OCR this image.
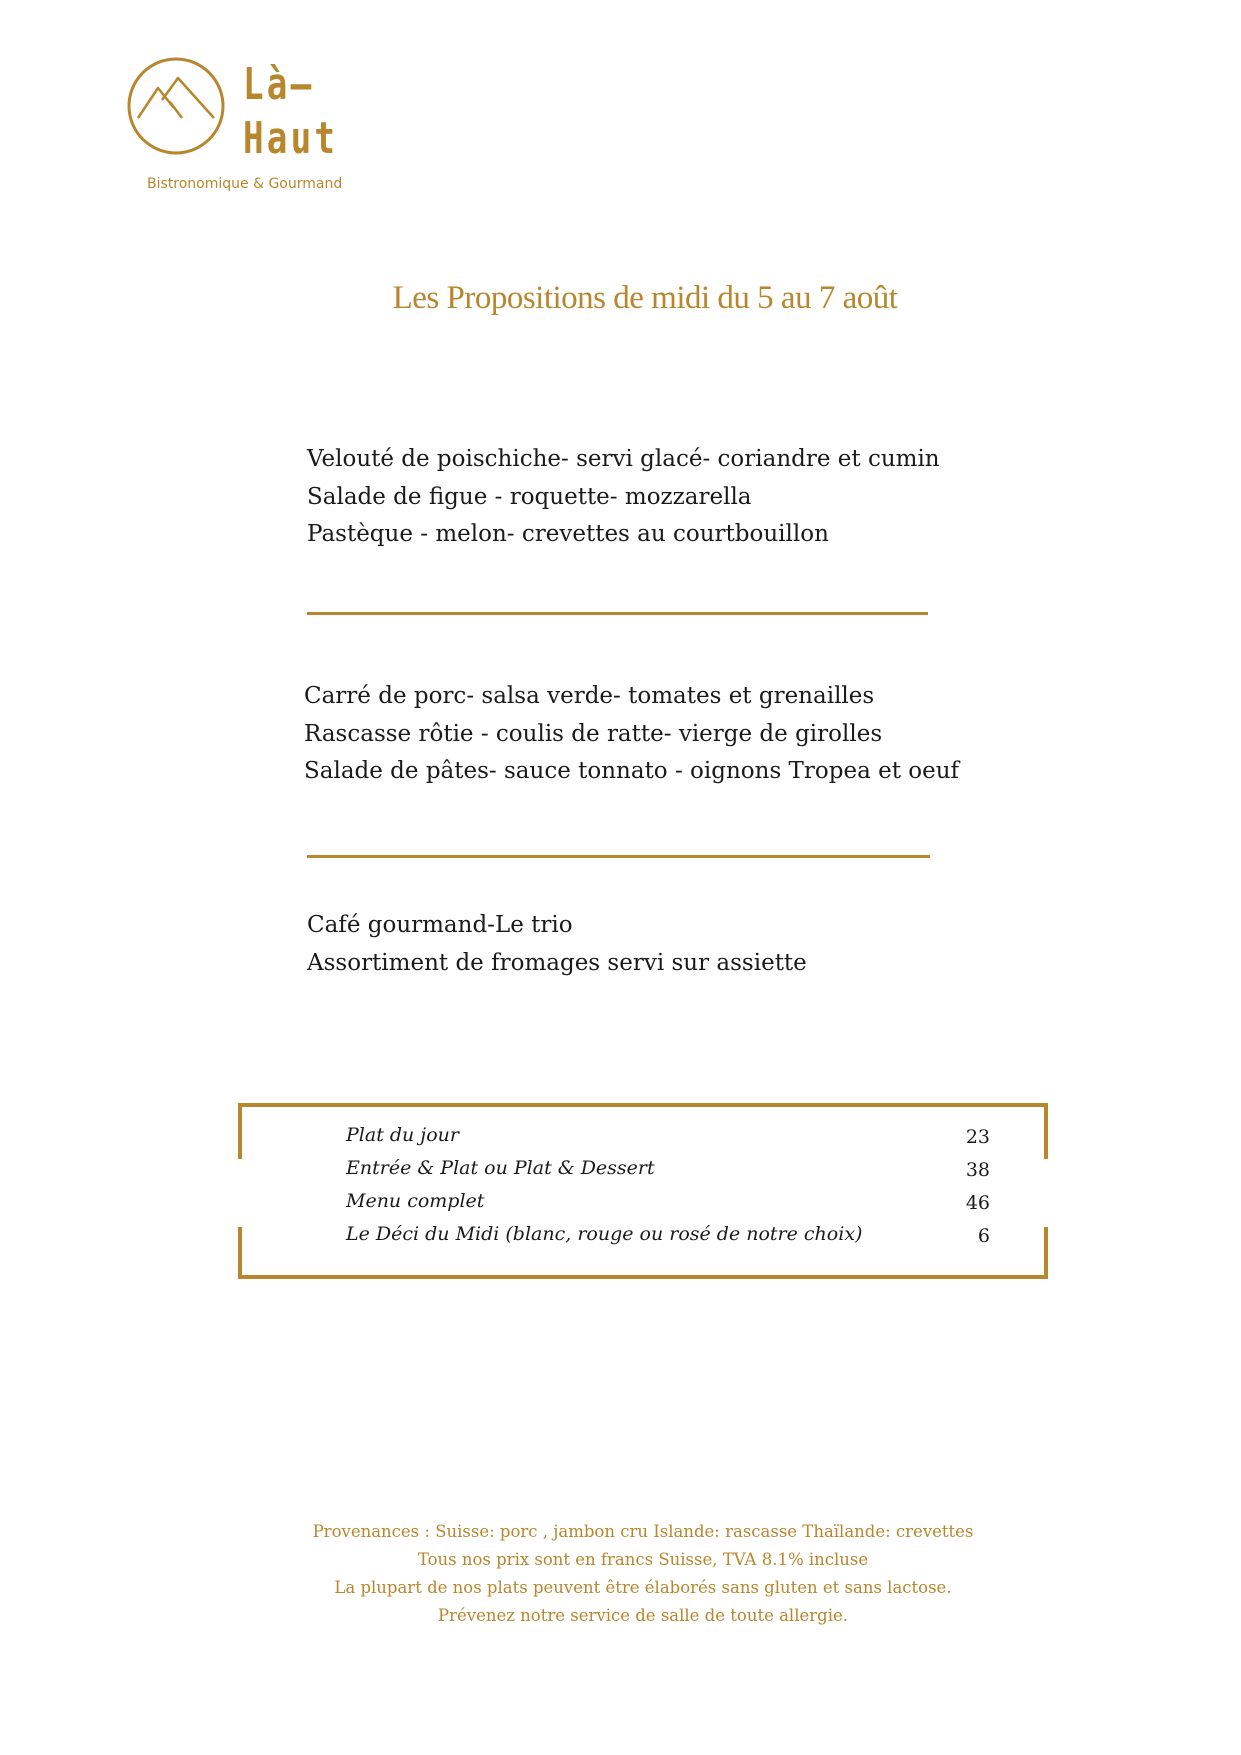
Là—
Haut
Bistronomique & Gourmand
Les Propositions de midi du 5 au 7 août
Velouté de poischiche- servi glacé- coriandre et cumin
Salade de figue - roquette- mozzarella
Pastèque - melon- crevettes au courtbouillon
Carré de porc- salsa verde- tomates et grenailles
Rascasse rôtie - coulis de ratte- vierge de girolles
Salade de pâtes- sauce tonnato - oignons Tropea et oeuf
Café gourmand-Le trio
Assortiment de fromages servi sur assiette
Plat du jour
Entrée & Plat ou Plat & Dessert
Menu complet
Le Déci du Midi (blanc, rouge ou rosé de notre choix)
23
38
46
6
Provenances : Suisse: porc , jambon cru Islande: rascasse Thaïlande: crevettes
Tous nos prix sont en francs Suisse, TVA 8.1% incluse
La plupart de nos plats peuvent être élaborés sans gluten et sans lactose.
Prévenez notre service de salle de toute allergie.
